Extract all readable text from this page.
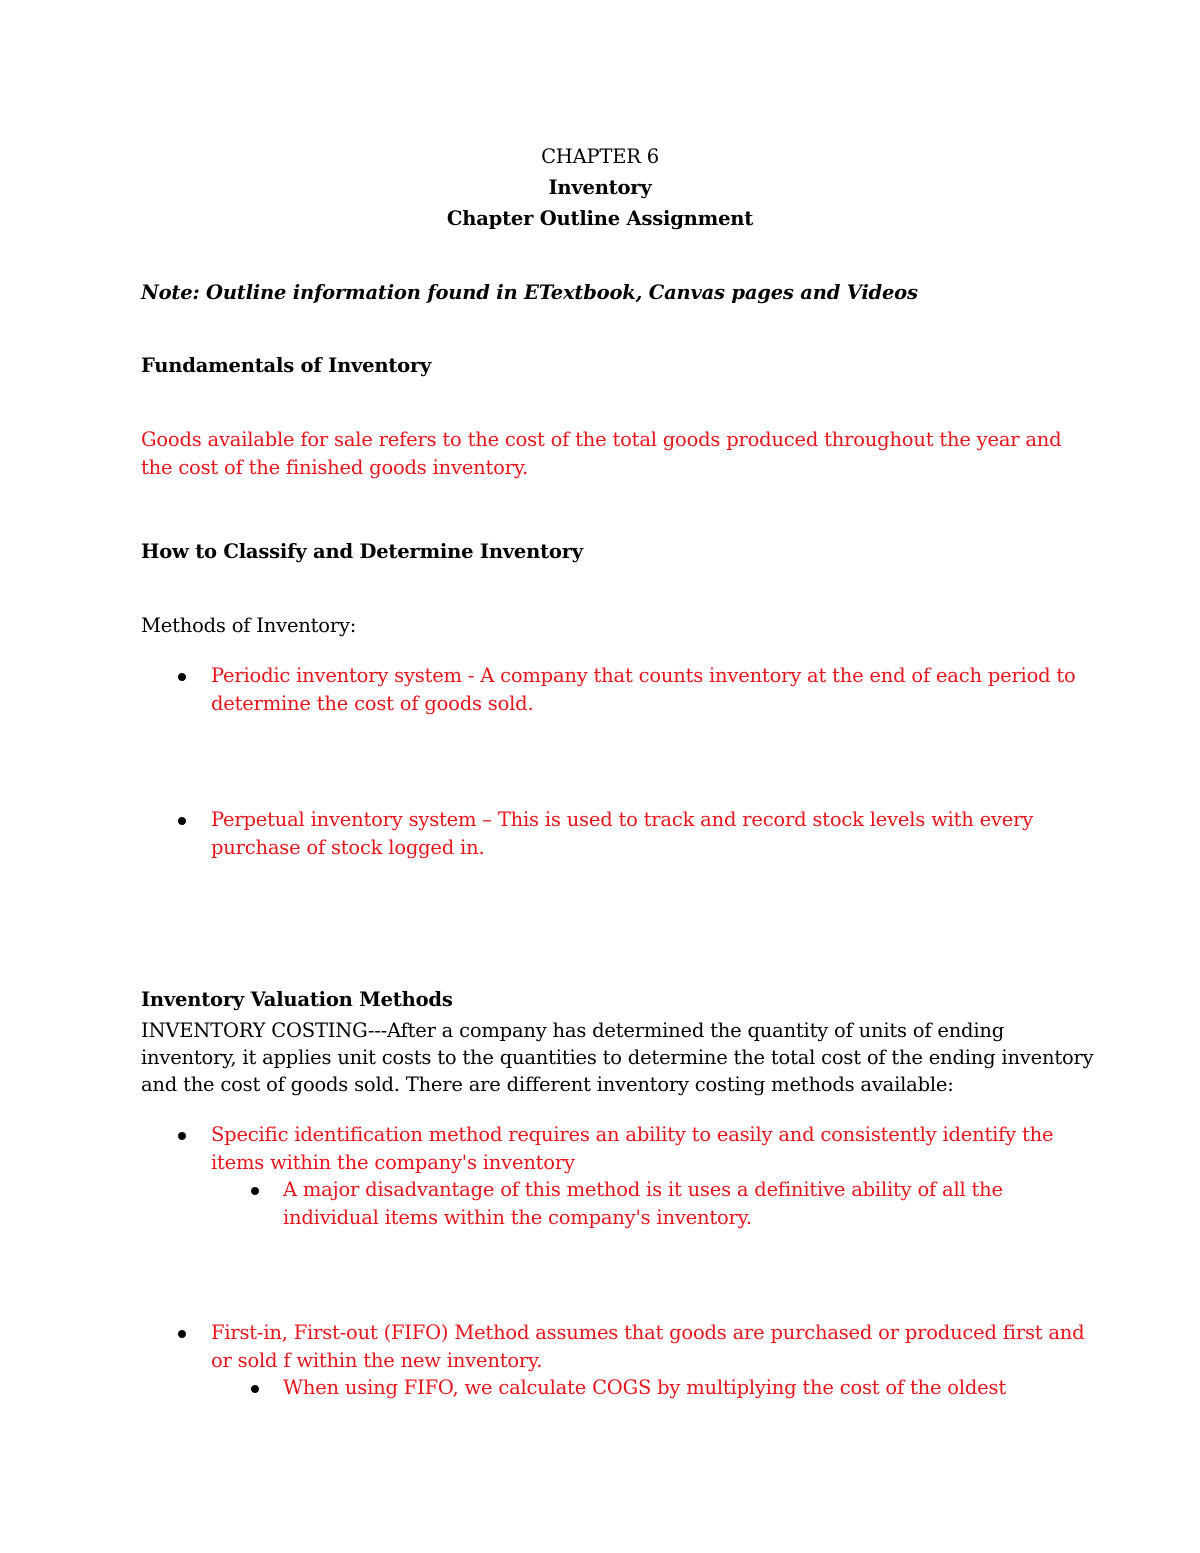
CHAPTER 6
Inventory
Chapter Outline Assignment
Note: Outline information found in ETextbook, Canvas pages and Videos
Fundamentals of Inventory
Goods available for sale refers to the cost of the total goods produced throughout the year and
the cost of the finished goods inventory.
How to Classify and Determine Inventory
Methods of Inventory:
Periodic inventory system - A company that counts inventory at the end of each period to
determine the cost of goods sold.
Perpetual inventory system – This is used to track and record stock levels with every
purchase of stock logged in.
Inventory Valuation Methods
INVENTORY COSTING---After a company has determined the quantity of units of ending
inventory, it applies unit costs to the quantities to determine the total cost of the ending inventory
and the cost of goods sold. There are different inventory costing methods available:
Specific identification method requires an ability to easily and consistently identify the
items within the company's inventory
A major disadvantage of this method is it uses a definitive ability of all the
individual items within the company's inventory.
First-in, First-out (FIFO) Method assumes that goods are purchased or produced first and
or sold f within the new inventory.
When using FIFO, we calculate COGS by multiplying the cost of the oldest
